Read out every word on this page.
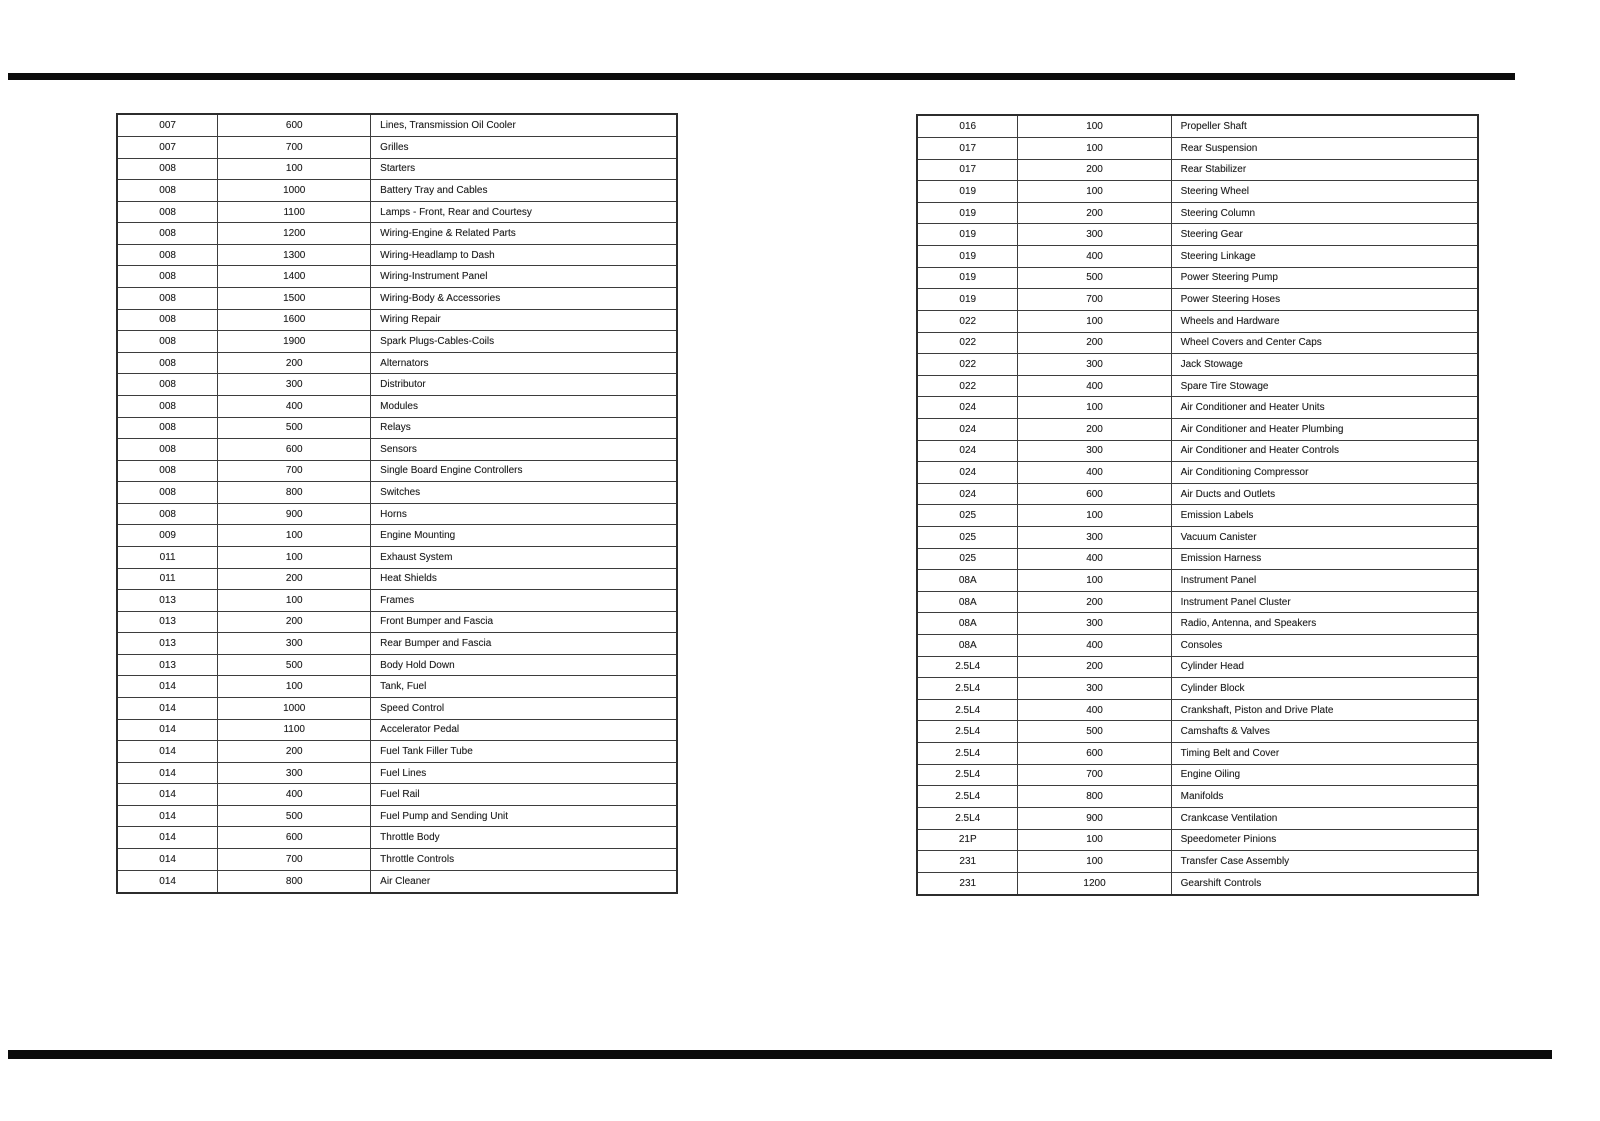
007	600	Lines, Transmission Oil Cooler
007	700	Grilles
008	100	Starters
008	1000	Battery Tray and Cables
008	1100	Lamps - Front, Rear and Courtesy
008	1200	Wiring-Engine & Related Parts
008	1300	Wiring-Headlamp to Dash
008	1400	Wiring-Instrument Panel
008	1500	Wiring-Body & Accessories
008	1600	Wiring Repair
008	1900	Spark Plugs-Cables-Coils
008	200	Alternators
008	300	Distributor
008	400	Modules
008	500	Relays
008	600	Sensors
008	700	Single Board Engine Controllers
008	800	Switches
008	900	Horns
009	100	Engine Mounting
011	100	Exhaust System
011	200	Heat Shields
013	100	Frames
013	200	Front Bumper and Fascia
013	300	Rear Bumper and Fascia
013	500	Body Hold Down
014	100	Tank, Fuel
014	1000	Speed Control
014	1100	Accelerator Pedal
014	200	Fuel Tank Filler Tube
014	300	Fuel Lines
014	400	Fuel Rail
014	500	Fuel Pump and Sending Unit
014	600	Throttle Body
014	700	Throttle Controls
014	800	Air Cleaner
016	100	Propeller Shaft
017	100	Rear Suspension
017	200	Rear Stabilizer
019	100	Steering Wheel
019	200	Steering Column
019	300	Steering Gear
019	400	Steering Linkage
019	500	Power Steering Pump
019	700	Power Steering Hoses
022	100	Wheels and Hardware
022	200	Wheel Covers and Center Caps
022	300	Jack Stowage
022	400	Spare Tire Stowage
024	100	Air Conditioner and Heater Units
024	200	Air Conditioner and Heater Plumbing
024	300	Air Conditioner and Heater Controls
024	400	Air Conditioning Compressor
024	600	Air Ducts and Outlets
025	100	Emission Labels
025	300	Vacuum Canister
025	400	Emission Harness
08A	100	Instrument Panel
08A	200	Instrument Panel Cluster
08A	300	Radio, Antenna, and Speakers
08A	400	Consoles
2.5L4	200	Cylinder Head
2.5L4	300	Cylinder Block
2.5L4	400	Crankshaft, Piston and Drive Plate
2.5L4	500	Camshafts & Valves
2.5L4	600	Timing Belt and Cover
2.5L4	700	Engine Oiling
2.5L4	800	Manifolds
2.5L4	900	Crankcase Ventilation
21P	100	Speedometer Pinions
231	100	Transfer Case Assembly
231	1200	Gearshift Controls
